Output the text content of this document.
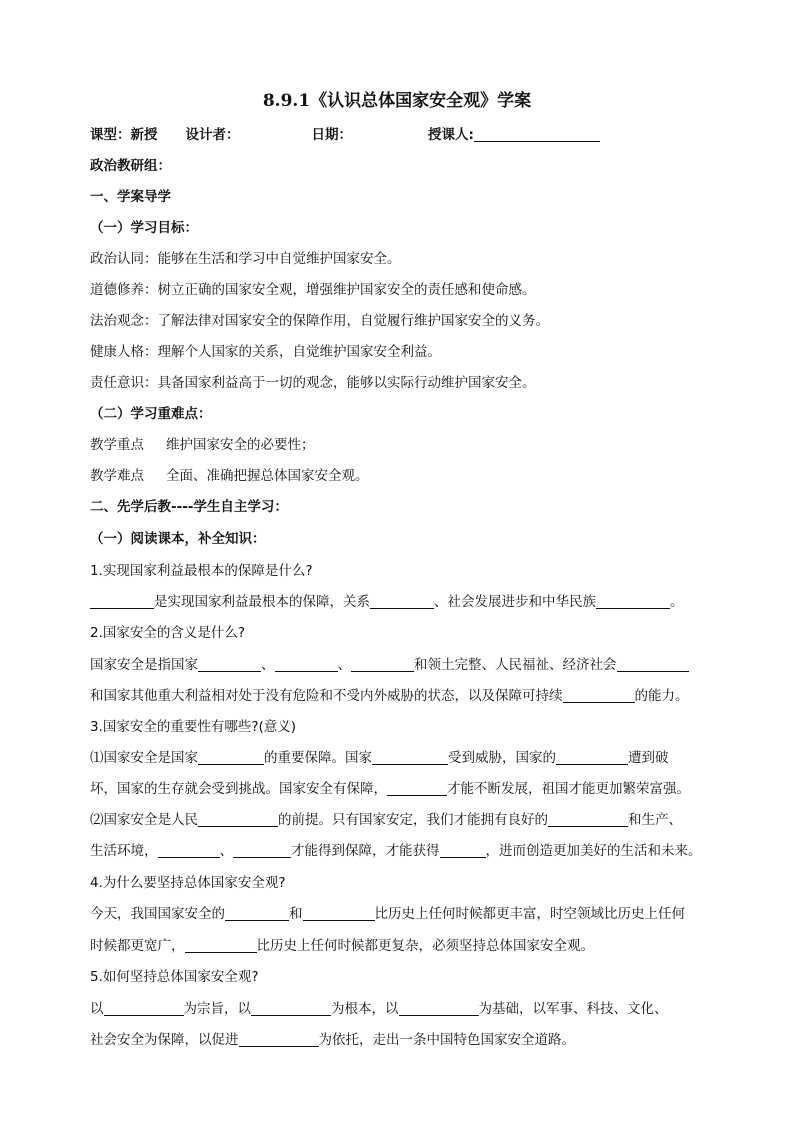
8.9.1《认识总体国家安全观》学案
课型：新授 设计者：	日期：	授课人:
政治教研组：
一、学案导学
（一）学习目标：
政治认同：能够在生活和学习中自觉维护国家安全。
道德修养：树立正确的国家安全观，增强维护国家安全的责任感和使命感。
法治观念：了解法律对国家安全的保障作用，自觉履行维护国家安全的义务。
健康人格：理解个人国家的关系，自觉维护国家安全利益。
责任意识：具备国家利益高于一切的观念，能够以实际行动维护国家安全。
（二）学习重难点：
教学重点 维护国家安全的必要性；
教学难点 全面、准确把握总体国家安全观。
二、先学后教----学生自主学习：
（一）阅读课本，补全知识：
1.实现国家利益最根本的保障是什么?
是实现国家利益最根本的保障，关系	、社会发展进步和中华民族	。
2.国家安全的含义是什么?
国家安全是指国家	、	、	和领土完整、人民福祉、经济社会
和国家其他重大利益相对处于没有危险和不受内外威胁的状态，以及保障可持续	的能力。
3.国家安全的重要性有哪些?(意义)
⑴国家安全是国家	的重要保障。国家	受到威胁，国家的	遭到破
坏，国家的生存就会受到挑战。国家安全有保障，	才能不断发展，祖国才能更加繁荣富强。
⑵国家安全是人民	的前提。只有国家安定，我们才能拥有良好的	和生产、
生活环境，	、	才能得到保障，才能获得	，进而创造更加美好的生活和未来。
4.为什么要坚持总体国家安全观?
今天，我国国家安全的	和	比历史上任何时候都更丰富，时空领域比历史上任何
时候都更宽广，	比历史上任何时候都更复杂，必须坚持总体国家安全观。
5.如何坚持总体国家安全观?
以	为宗旨，以	为根本，以	为基础，以军事、科技、文化、
社会安全为保障，以促进	为依托，走出一条中国特色国家安全道路。
